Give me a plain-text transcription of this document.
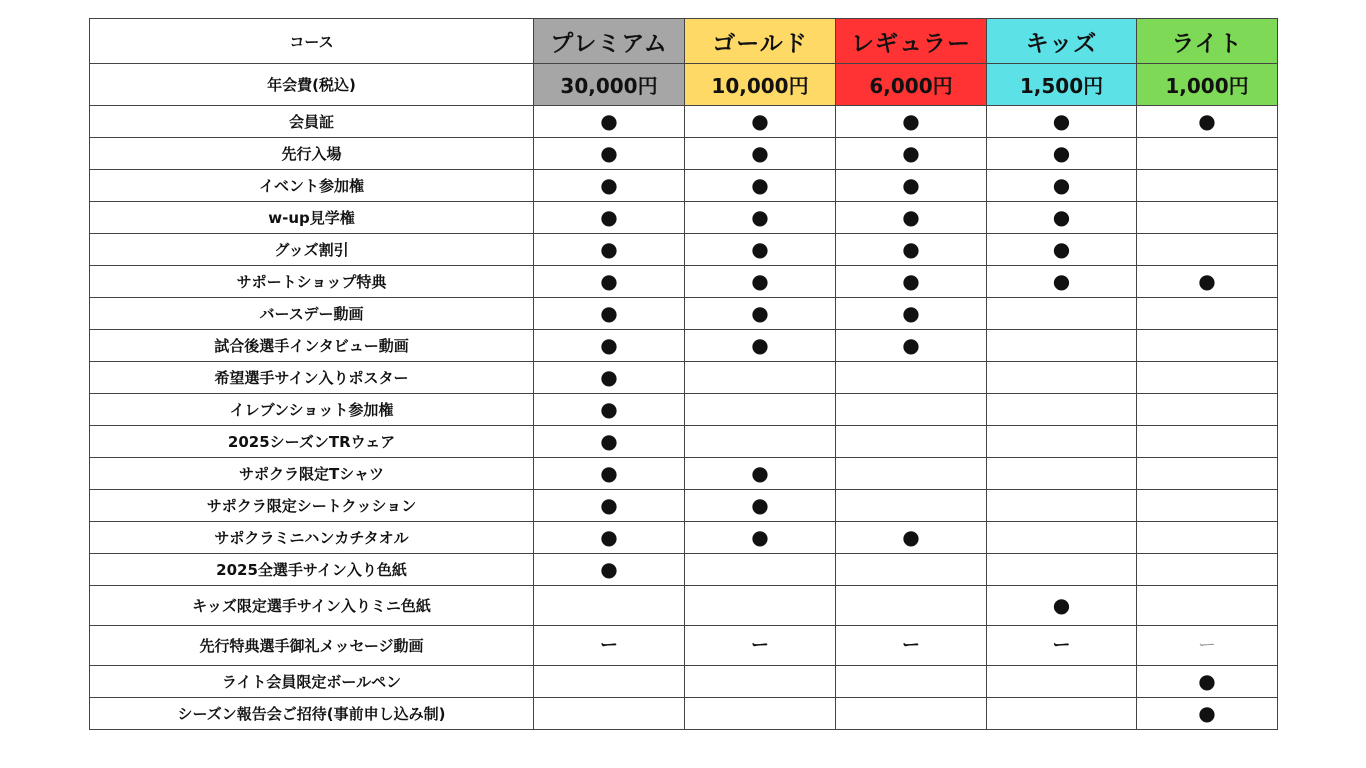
コース	プレミアム	ゴールド	レギュラー	キッズ	ライト
年会費(税込)	30,000円	10,000円	6,000円	1,500円	1,000円
会員証	●	●	●	●	●
先行入場	●	●	●	●	
イベント参加権	●	●	●	●	
w-up見学権	●	●	●	●	
グッズ割引	●	●	●	●	
サポートショップ特典	●	●	●	●	●
バースデー動画	●	●	●		
試合後選手インタビュー動画	●	●	●		
希望選手サイン入りポスター	●				
イレブンショット参加権	●				
2025シーズンTRウェア	●				
サポクラ限定Tシャツ	●	●			
サポクラ限定シートクッション	●	●			
サポクラミニハンカチタオル	●	●	●		
2025全選手サイン入り色紙	●				
キッズ限定選手サイン入りミニ色紙				●	
先行特典選手御礼メッセージ動画	ー	ー	ー	ー	ー
ライト会員限定ボールペン					●
シーズン報告会ご招待(事前申し込み制)					●
